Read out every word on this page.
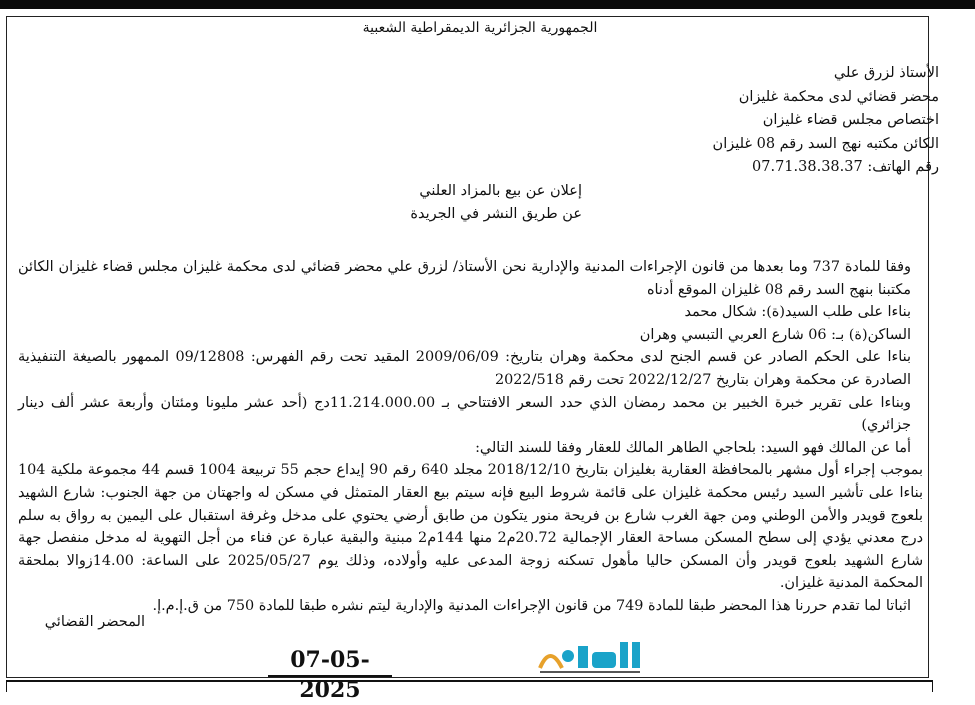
الجمهورية الجزائرية الديمقراطية الشعبية
الأستاذ لزرق علي
محضر قضائي لدى محكمة غليزان
اختصاص مجلس قضاء غليزان
الكائن مكتبه نهج السد رقم 08 غليزان
رقم الهاتف: 07.71.38.38.37
إعلان عن بيع بالمزاد العلني
عن طريق النشر في الجريدة

وفقا للمادة 737 وما بعدها من قانون الإجراءات المدنية والإدارية نحن الأستاذ/ لزرق علي محضر قضائي لدى محكمة غليزان مجلس قضاء غليزان الكائن مكتبنا بنهج السد رقم 08 غليزان الموقع أدناه

بناءا على طلب السيد(ة): شكال محمد

الساكن(ة) بـ: 06 شارع العربي التبسي وهران

بناءا على الحكم الصادر عن قسم الجنح لدى محكمة وهران بتاريخ: 2009/06/09 المقيد تحت رقم الفهرس: 09/12808 الممهور بالصيغة التنفيذية الصادرة عن محكمة وهران بتاريخ 2022/12/27 تحت رقم 2022/518

وبناءا على تقرير خبرة الخبير بن محمد رمضان الذي حدد السعر الافتتاحي بـ 11.214.000.00دج (أحد عشر مليونا ومئتان وأربعة عشر ألف دينار جزائري)

أما عن المالك فهو السيد: بلحاجي الطاهر المالك للعقار وفقا للسند التالي:

بموجب إجراء أول مشهر بالمحافظة العقارية بغليزان بتاريخ 2018/12/10 مجلد 640 رقم 90 إيداع حجم 55 تربيعة 1004 قسم 44 مجموعة ملكية 104 بناءا على تأشير السيد رئيس محكمة غليزان على قائمة شروط البيع فإنه سيتم بيع العقار المتمثل في مسكن له واجهتان من جهة الجنوب: شارع الشهيد بلعوج قويدر والأمن الوطني ومن جهة الغرب شارع بن فريحة منور يتكون من طابق أرضي يحتوي على مدخل وغرفة استقبال على اليمين به رواق به سلم درج معدني يؤدي إلى سطح المسكن مساحة العقار الإجمالية 20.72م2 منها 144م2 مبنية والبقية عبارة عن فناء من أجل التهوية له مدخل منفصل جهة شارع الشهيد بلعوج قويدر وأن المسكن حاليا مأهول تسكنه زوجة المدعى عليه وأولاده، وذلك يوم 2025/05/27 على الساعة: 14.00زوالا بملحقة المحكمة المدنية غليزان.

اثباتا لما تقدم حررنا هذا المحضر طبقا للمادة 749 من قانون الإجراءات المدنية والإدارية ليتم نشره طبقا للمادة 750 من ق.إ.م.إ.

المحضر القضائي
07-05-2025
